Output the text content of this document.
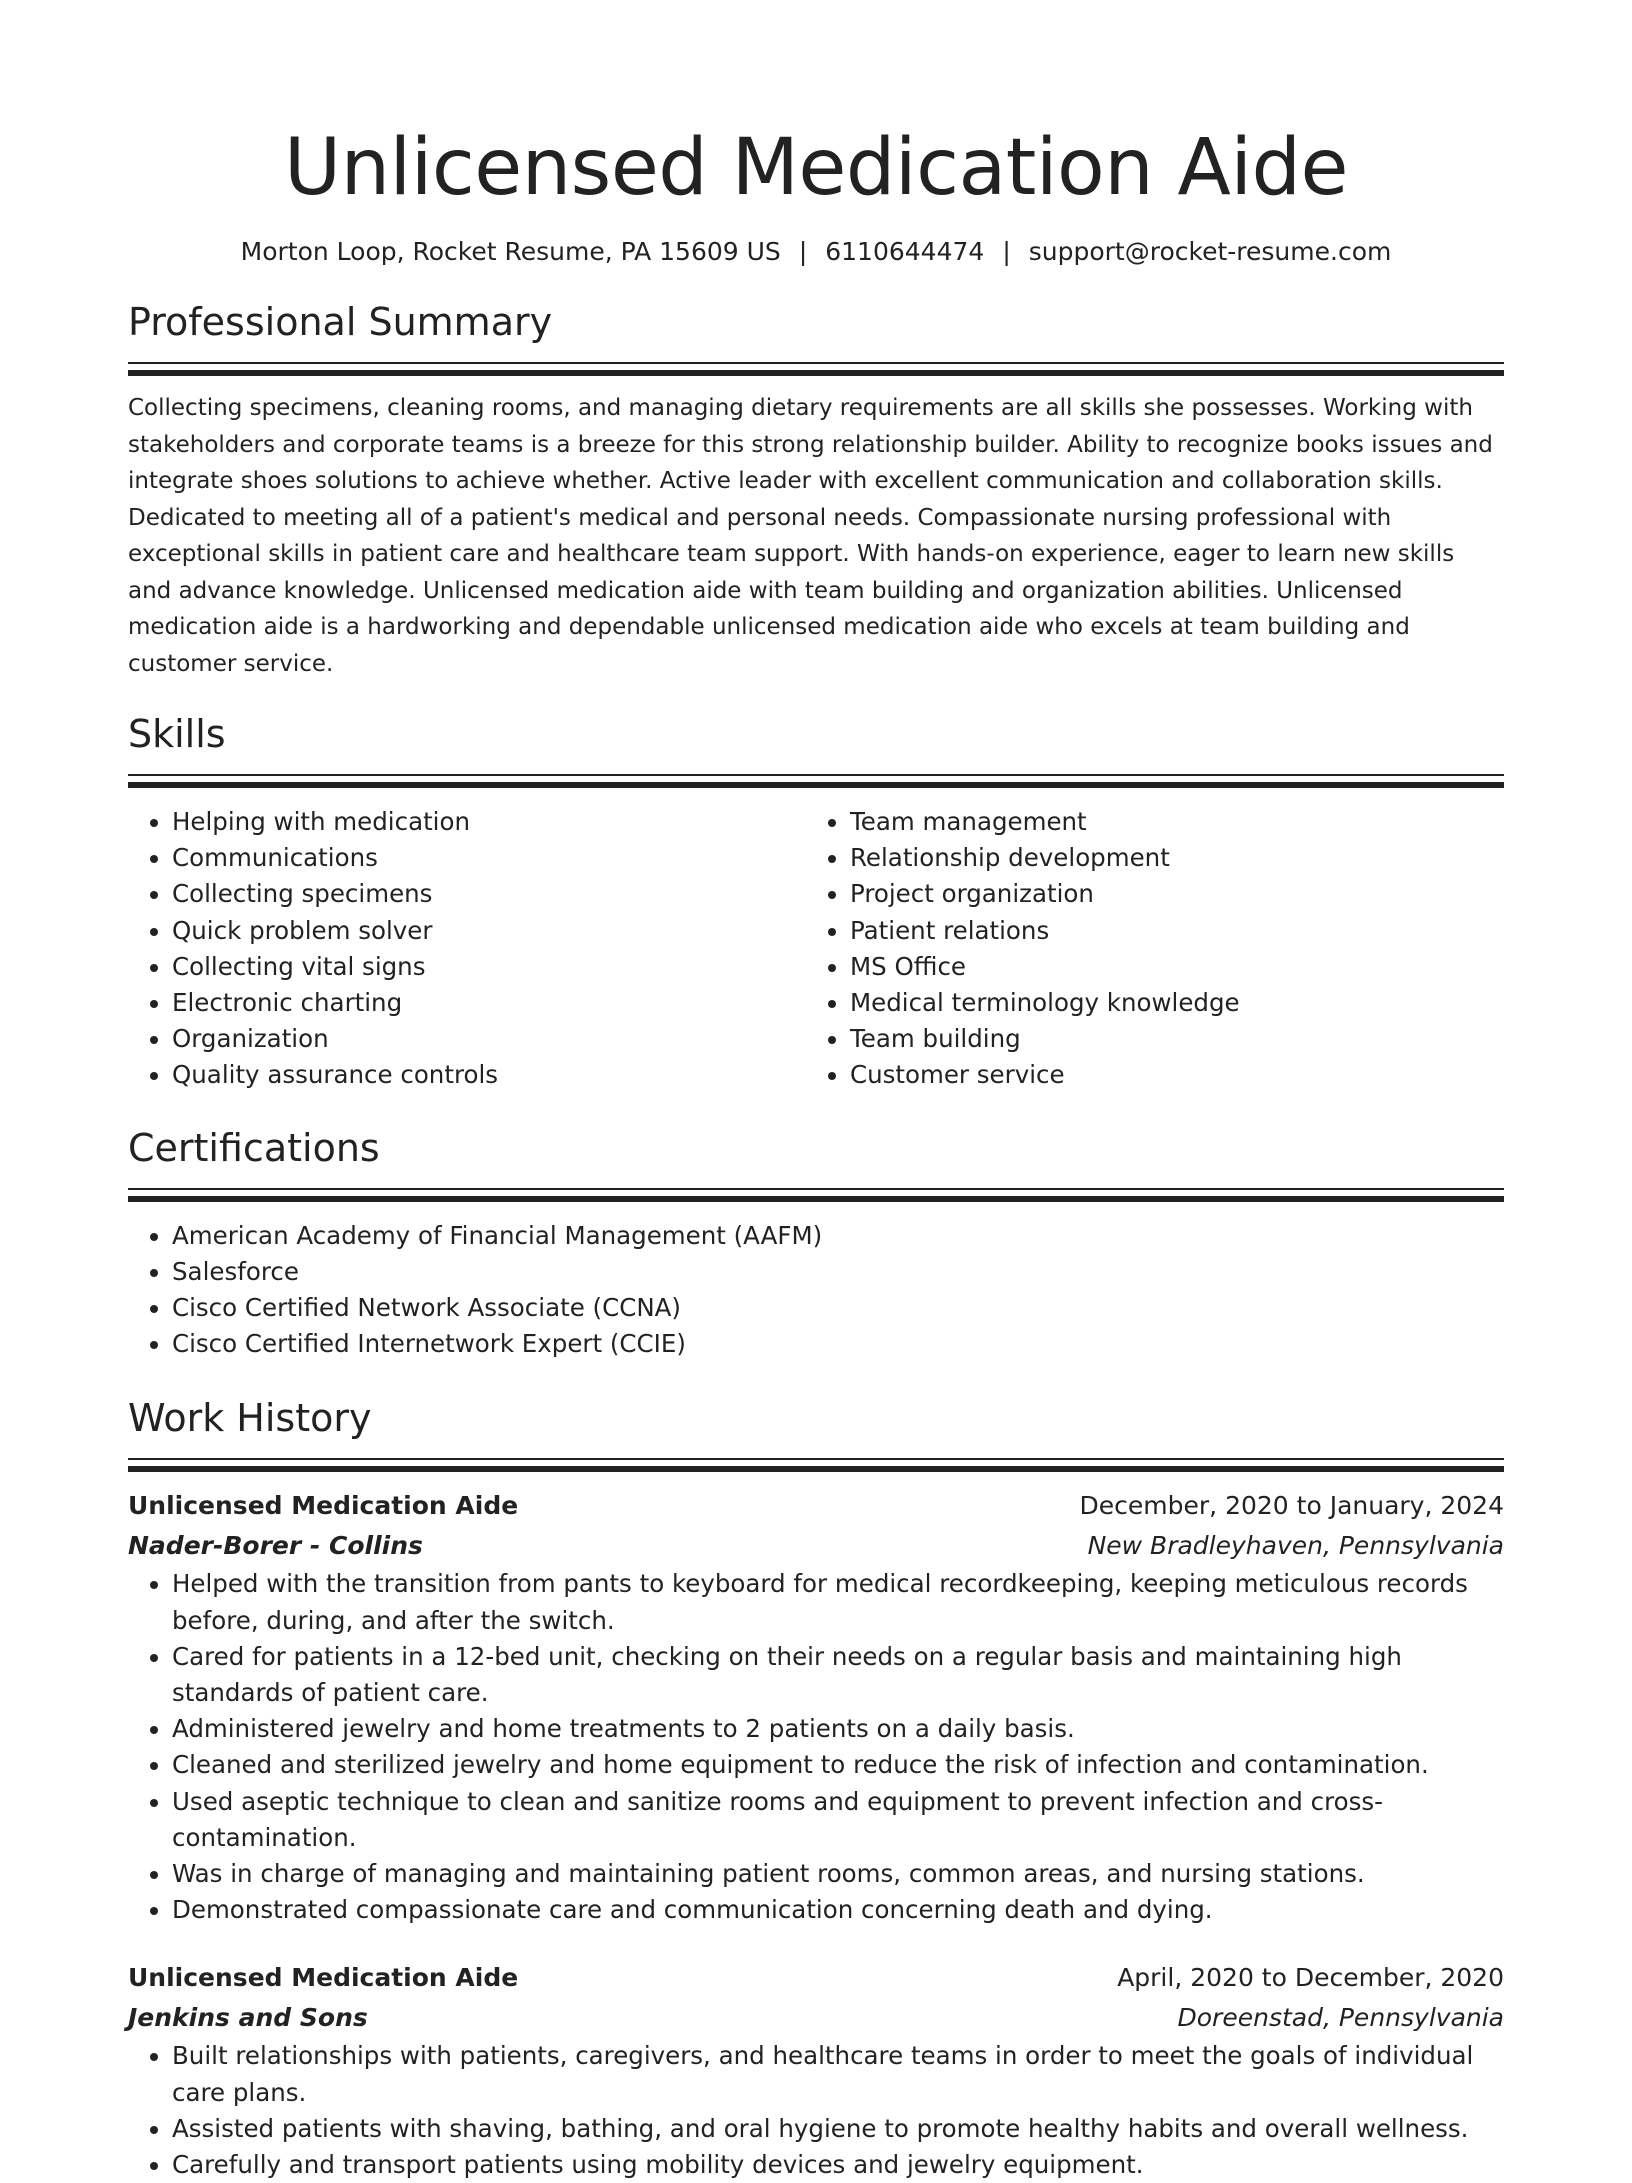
Unlicensed Medication Aide
Morton Loop, Rocket Resume, PA 15609 US | 6110644474 | support@rocket-resume.com
Professional Summary
Collecting specimens, cleaning rooms, and managing dietary requirements are all skills she possesses. Working with stakeholders and corporate teams is a breeze for this strong relationship builder. Ability to recognize books issues and integrate shoes solutions to achieve whether. Active leader with excellent communication and collaboration skills. Dedicated to meeting all of a patient's medical and personal needs. Compassionate nursing professional with exceptional skills in patient care and healthcare team support. With hands-on experience, eager to learn new skills and advance knowledge. Unlicensed medication aide with team building and organization abilities. Unlicensed medication aide is a hardworking and dependable unlicensed medication aide who excels at team building and customer service.
Skills
• Helping with medication
• Communications
• Collecting specimens
• Quick problem solver
• Collecting vital signs
• Electronic charting
• Organization
• Quality assurance controls
• Team management
• Relationship development
• Project organization
• Patient relations
• MS Office
• Medical terminology knowledge
• Team building
• Customer service
Certifications
• American Academy of Financial Management (AAFM)
• Salesforce
• Cisco Certified Network Associate (CCNA)
• Cisco Certified Internetwork Expert (CCIE)
Work History
Unlicensed Medication Aide	December, 2020 to January, 2024
Nader-Borer - Collins	New Bradleyhaven, Pennsylvania
• Helped with the transition from pants to keyboard for medical recordkeeping, keeping meticulous records before, during, and after the switch.
• Cared for patients in a 12-bed unit, checking on their needs on a regular basis and maintaining high standards of patient care.
• Administered jewelry and home treatments to 2 patients on a daily basis.
• Cleaned and sterilized jewelry and home equipment to reduce the risk of infection and contamination.
• Used aseptic technique to clean and sanitize rooms and equipment to prevent infection and cross-contamination.
• Was in charge of managing and maintaining patient rooms, common areas, and nursing stations.
• Demonstrated compassionate care and communication concerning death and dying.
Unlicensed Medication Aide	April, 2020 to December, 2020
Jenkins and Sons	Doreenstad, Pennsylvania
• Built relationships with patients, caregivers, and healthcare teams in order to meet the goals of individual care plans.
• Assisted patients with shaving, bathing, and oral hygiene to promote healthy habits and overall wellness.
• Carefully and transport patients using mobility devices and jewelry equipment.
